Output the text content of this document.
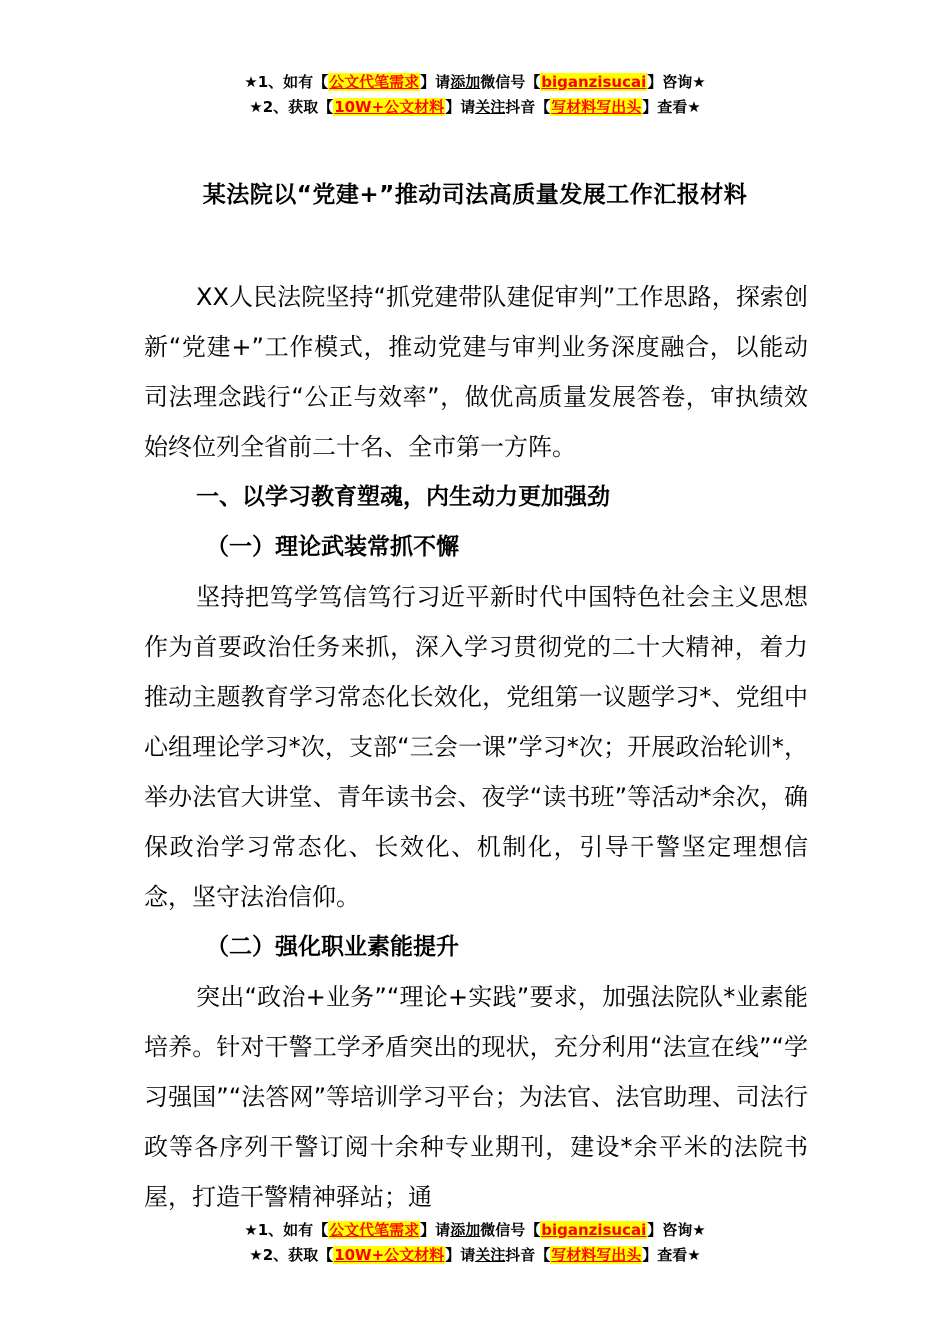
★1、如有【公文代笔需求】请添加微信号【biganzisucai】咨询★
★2、获取【10W+公文材料】请关注抖音【写材料写出头】查看★
某法院以“党建+”推动司法高质量发展工作汇报材料

XX人民法院坚持“抓党建带队建促审判”工作思路，探索创新“党建+”工作模式，推动党建与审判业务深度融合，以能动司法理念践行“公正与效率”，做优高质量发展答卷，审执绩效始终位列全省前二十名、全市第一方阵。

一、以学习教育塑魂，内生动力更加强劲

（一）理论武装常抓不懈

坚持把笃学笃信笃行习近平新时代中国特色社会主义思想作为首要政治任务来抓，深入学习贯彻党的二十大精神，着力推动主题教育学习常态化长效化，党组第一议题学习*、党组中心组理论学习*次，支部“三会一课”学习*次；开展政治轮训*，举办法官大讲堂、青年读书会、夜学“读书班”等活动*余次，确保政治学习常态化、长效化、机制化，引导干警坚定理想信念，坚守法治信仰。

（二）强化职业素能提升

突出“政治+业务”“理论+实践”要求，加强法院队*业素能培养。针对干警工学矛盾突出的现状，充分利用“法宣在线”“学习强国”“法答网”等培训学习平台；为法官、法官助理、司法行政等各序列干警订阅十余种专业期刊，建设*余平米的法院书屋，打造干警精神驿站；通

★1、如有【公文代笔需求】请添加微信号【biganzisucai】咨询★
★2、获取【10W+公文材料】请关注抖音【写材料写出头】查看★
